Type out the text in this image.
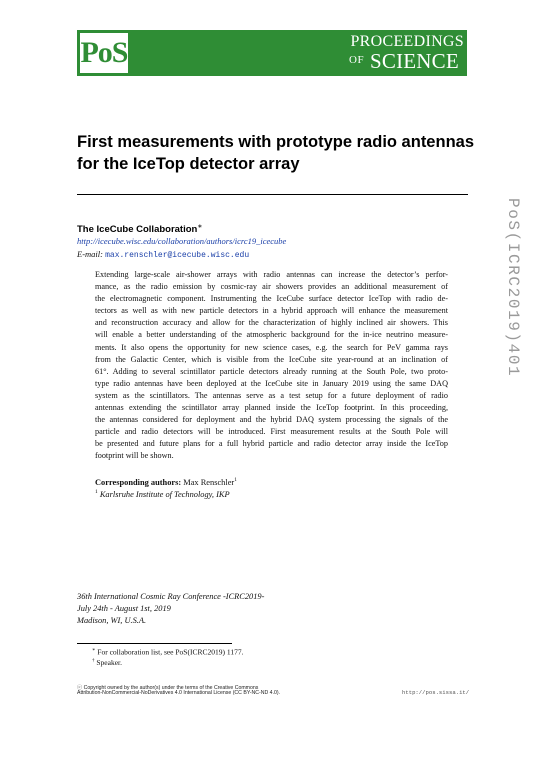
PoS	PROCEEDINGS
OF SCIENCE
First measurements with prototype radio antennas
for the IceTop detector array
PoS(ICRC2019)401
The IceCube Collaboration∗
http://icecube.wisc.edu/collaboration/authors/icrc19_icecube
E-mail: max.renschler@icecube.wisc.edu
Extending large-scale air-shower arrays with radio antennas can increase the detector’s perfor-
mance, as the radio emission by cosmic-ray air showers provides an additional measurement of
the electromagnetic component. Instrumenting the IceCube surface detector IceTop with radio de-
tectors as well as with new particle detectors in a hybrid approach will enhance the measurement
and reconstruction accuracy and allow for the characterization of highly inclined air showers. This
will enable a better understanding of the atmospheric background for the in-ice neutrino measure-
ments. It also opens the opportunity for new science cases, e.g. the search for PeV gamma rays
from the Galactic Center, which is visible from the IceCube site year-round at an inclination of
61°. Adding to several scintillator particle detectors already running at the South Pole, two proto-
type radio antennas have been deployed at the IceCube site in January 2019 using the same DAQ
system as the scintillators. The antennas serve as a test setup for a future deployment of radio
antennas extending the scintillator array planned inside the IceTop footprint. In this proceeding,
the antennas considered for deployment and the hybrid DAQ system processing the signals of the
particle and radio detectors will be introduced. First measurement results at the South Pole will
be presented and future plans for a full hybrid particle and radio detector array inside the IceTop
footprint will be shown.
Corresponding authors: Max Renschler$^1$
$^1$ Karlsruhe Institute of Technology, IKP
36th International Cosmic Ray Conference -ICRC2019-
July 24th - August 1st, 2019
Madison, WI, U.S.A.
∗ For collaboration list, see PoS(ICRC2019) 1177.
† Speaker.
ⓒ Copyright owned by the author(s) under the terms of the Creative Commons
Attribution-NonCommercial-NoDerivatives 4.0 International License (CC BY-NC-ND 4.0).	http://pos.sissa.it/
